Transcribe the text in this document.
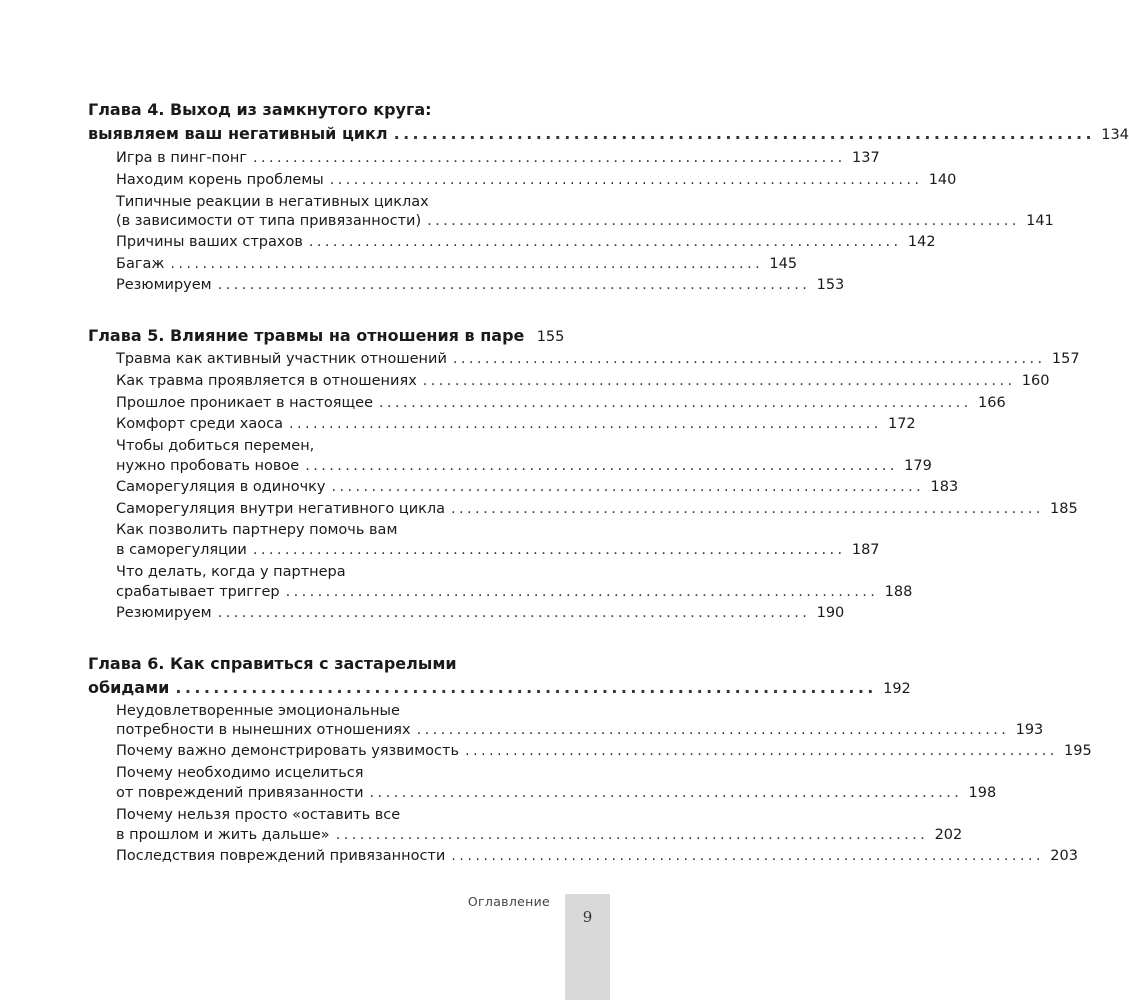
Глава 4. Выход из замкнутого круга:
выявляем ваш негативный цикл .......................................................................... 134
Игра в пинг-понг .......................................................................... 137
Находим корень проблемы .......................................................................... 140
Типичные реакции в негативных циклах
(в зависимости от типа привязанности) .......................................................................... 141
Причины ваших страхов .......................................................................... 142
Багаж .......................................................................... 145
Резюмируем .......................................................................... 153
Глава 5. Влияние травмы на отношения в паре 155
Травма как активный участник отношений .......................................................................... 157
Как травма проявляется в отношениях .......................................................................... 160
Прошлое проникает в настоящее .......................................................................... 166
Комфорт среди хаоса .......................................................................... 172
Чтобы добиться перемен,
нужно пробовать новое .......................................................................... 179
Саморегуляция в одиночку .......................................................................... 183
Саморегуляция внутри негативного цикла .......................................................................... 185
Как позволить партнеру помочь вам
в саморегуляции .......................................................................... 187
Что делать, когда у партнера
срабатывает триггер .......................................................................... 188
Резюмируем .......................................................................... 190
Глава 6. Как справиться с застарелыми
обидами .......................................................................... 192
Неудовлетворенные эмоциональные
потребности в нынешних отношениях .......................................................................... 193
Почему важно демонстрировать уязвимость .......................................................................... 195
Почему необходимо исцелиться
от повреждений привязанности .......................................................................... 198
Почему нельзя просто «оставить все
в прошлом и жить дальше» .......................................................................... 202
Последствия повреждений привязанности .......................................................................... 203
Оглавление
9
